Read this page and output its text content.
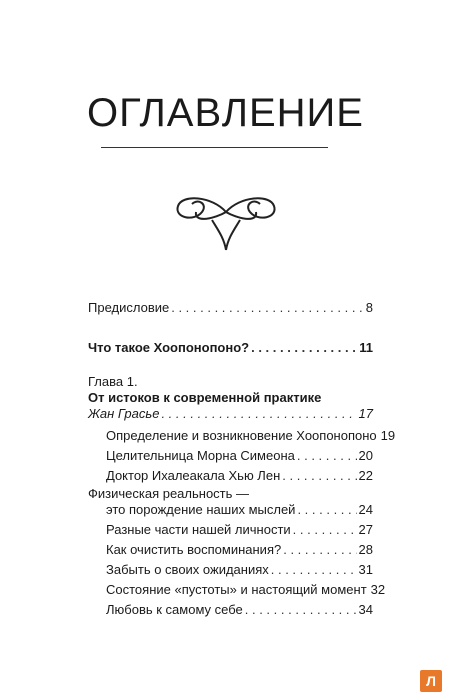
ОГЛАВЛЕНИЕ
Предисловие . . .	8
Что такое Хоопонопоно? . . .	11
Глава 1.
От истоков к современной практике
Жан Грасье . . .	17
Определение и возникновение Хоопонопоно 19
Целительница Морна Симеона . . .	20
Доктор Ихалеакала Хью Лен . . .	22
Физическая реальность —
это порождение наших мыслей . . .	24
Разные части нашей личности . . .	27
Как очистить воспоминания? . . .	28
Забыть о своих ожиданиях . . .	31
Состояние «пустоты» и настоящий момент 32
Любовь к самому себе . . .	34
Л
